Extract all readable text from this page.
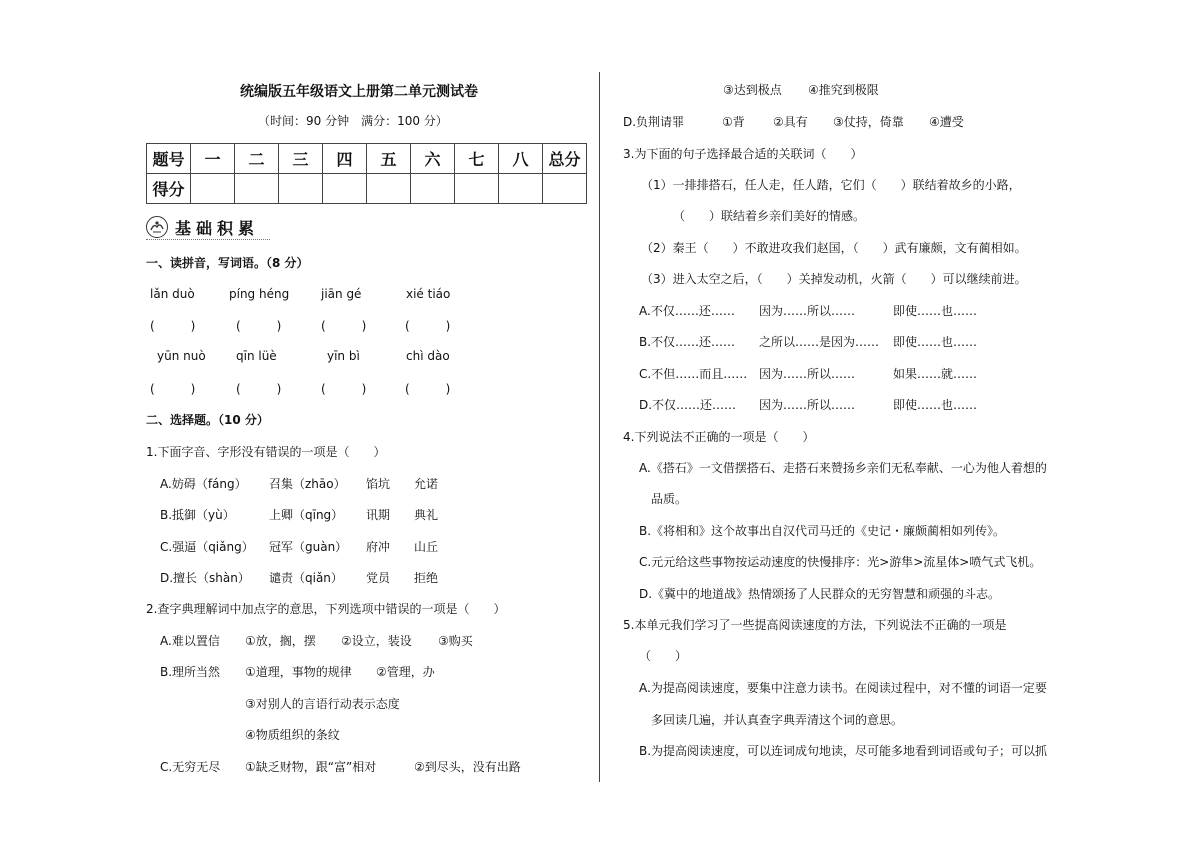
统编版五年级语文上册第二单元测试卷
（时间：90 分钟　满分：100 分）
题号	一	二	三	四	五	六	七	八	总分
得分									
基础积累
一、读拼音，写词语。（8 分）
lǎn duò	píng héng	jiān gé	xié tiáo
(　　　)	(　　　)	(　　　)	(　　　)
yūn nuò	qīn lüè	yīn bì	chì dào
(　　　)	(　　　)	(　　　)	(　　　)
二、选择题。（10 分）
1.下面字音、字形没有错误的一项是（　　）
A.妨碍（fáng） 召集（zhāo） 馅坑 允诺
B.抵御（yù）	上卿（qīng） 讯期 典礼
C.强逼（qiǎng） 冠军（guàn） 府冲 山丘
D.擅长（shàn） 谴责（qiǎn） 党员 拒绝
2.查字典理解词中加点字的意思，下列选项中错误的一项是（　　）
A.难以置信 ①放，搁，摆 ②设立，装设 ③购买
B.理所当然 ①道理，事物的规律 ②管理，办
③对别人的言语行动表示态度
④物质组织的条纹
C.无穷无尽 ①缺乏财物，跟“富”相对	②到尽头，没有出路
③达到极点 ④推究到极限
D.负荆请罪	①背 ②具有 ③仗持，倚靠 ④遭受
3.为下面的句子选择最合适的关联词（　　）
（1）一排排搭石，任人走，任人踏，它们（　　）联结着故乡的小路，
（　　）联结着乡亲们美好的情感。
（2）秦王（　　）不敢进攻我们赵国，（　　）武有廉颇，文有蔺相如。
（3）进入太空之后，（　　）关掉发动机，火箭（　　）可以继续前进。
A.不仅……还…… 因为……所以……	即使……也……
B.不仅……还…… 之所以……是因为…… 即使……也……
C.不但……而且…… 因为……所以……	如果……就……
D.不仅……还…… 因为……所以……	即使……也……
4.下列说法不正确的一项是（　　）
A.《搭石》一文借摆搭石、走搭石来赞扬乡亲们无私奉献、一心为他人着想的
品质。
B.《将相和》这个故事出自汉代司马迁的《史记・廉颇蔺相如列传》。
C.元元给这些事物按运动速度的快慢排序：光>游隼>流星体>喷气式飞机。
D.《冀中的地道战》热情颂扬了人民群众的无穷智慧和顽强的斗志。
5.本单元我们学习了一些提高阅读速度的方法，下列说法不正确的一项是
（　　）
A.为提高阅读速度，要集中注意力读书。在阅读过程中，对不懂的词语一定要
多回读几遍，并认真查字典弄清这个词的意思。
B.为提高阅读速度，可以连词成句地读，尽可能多地看到词语或句子；可以抓
